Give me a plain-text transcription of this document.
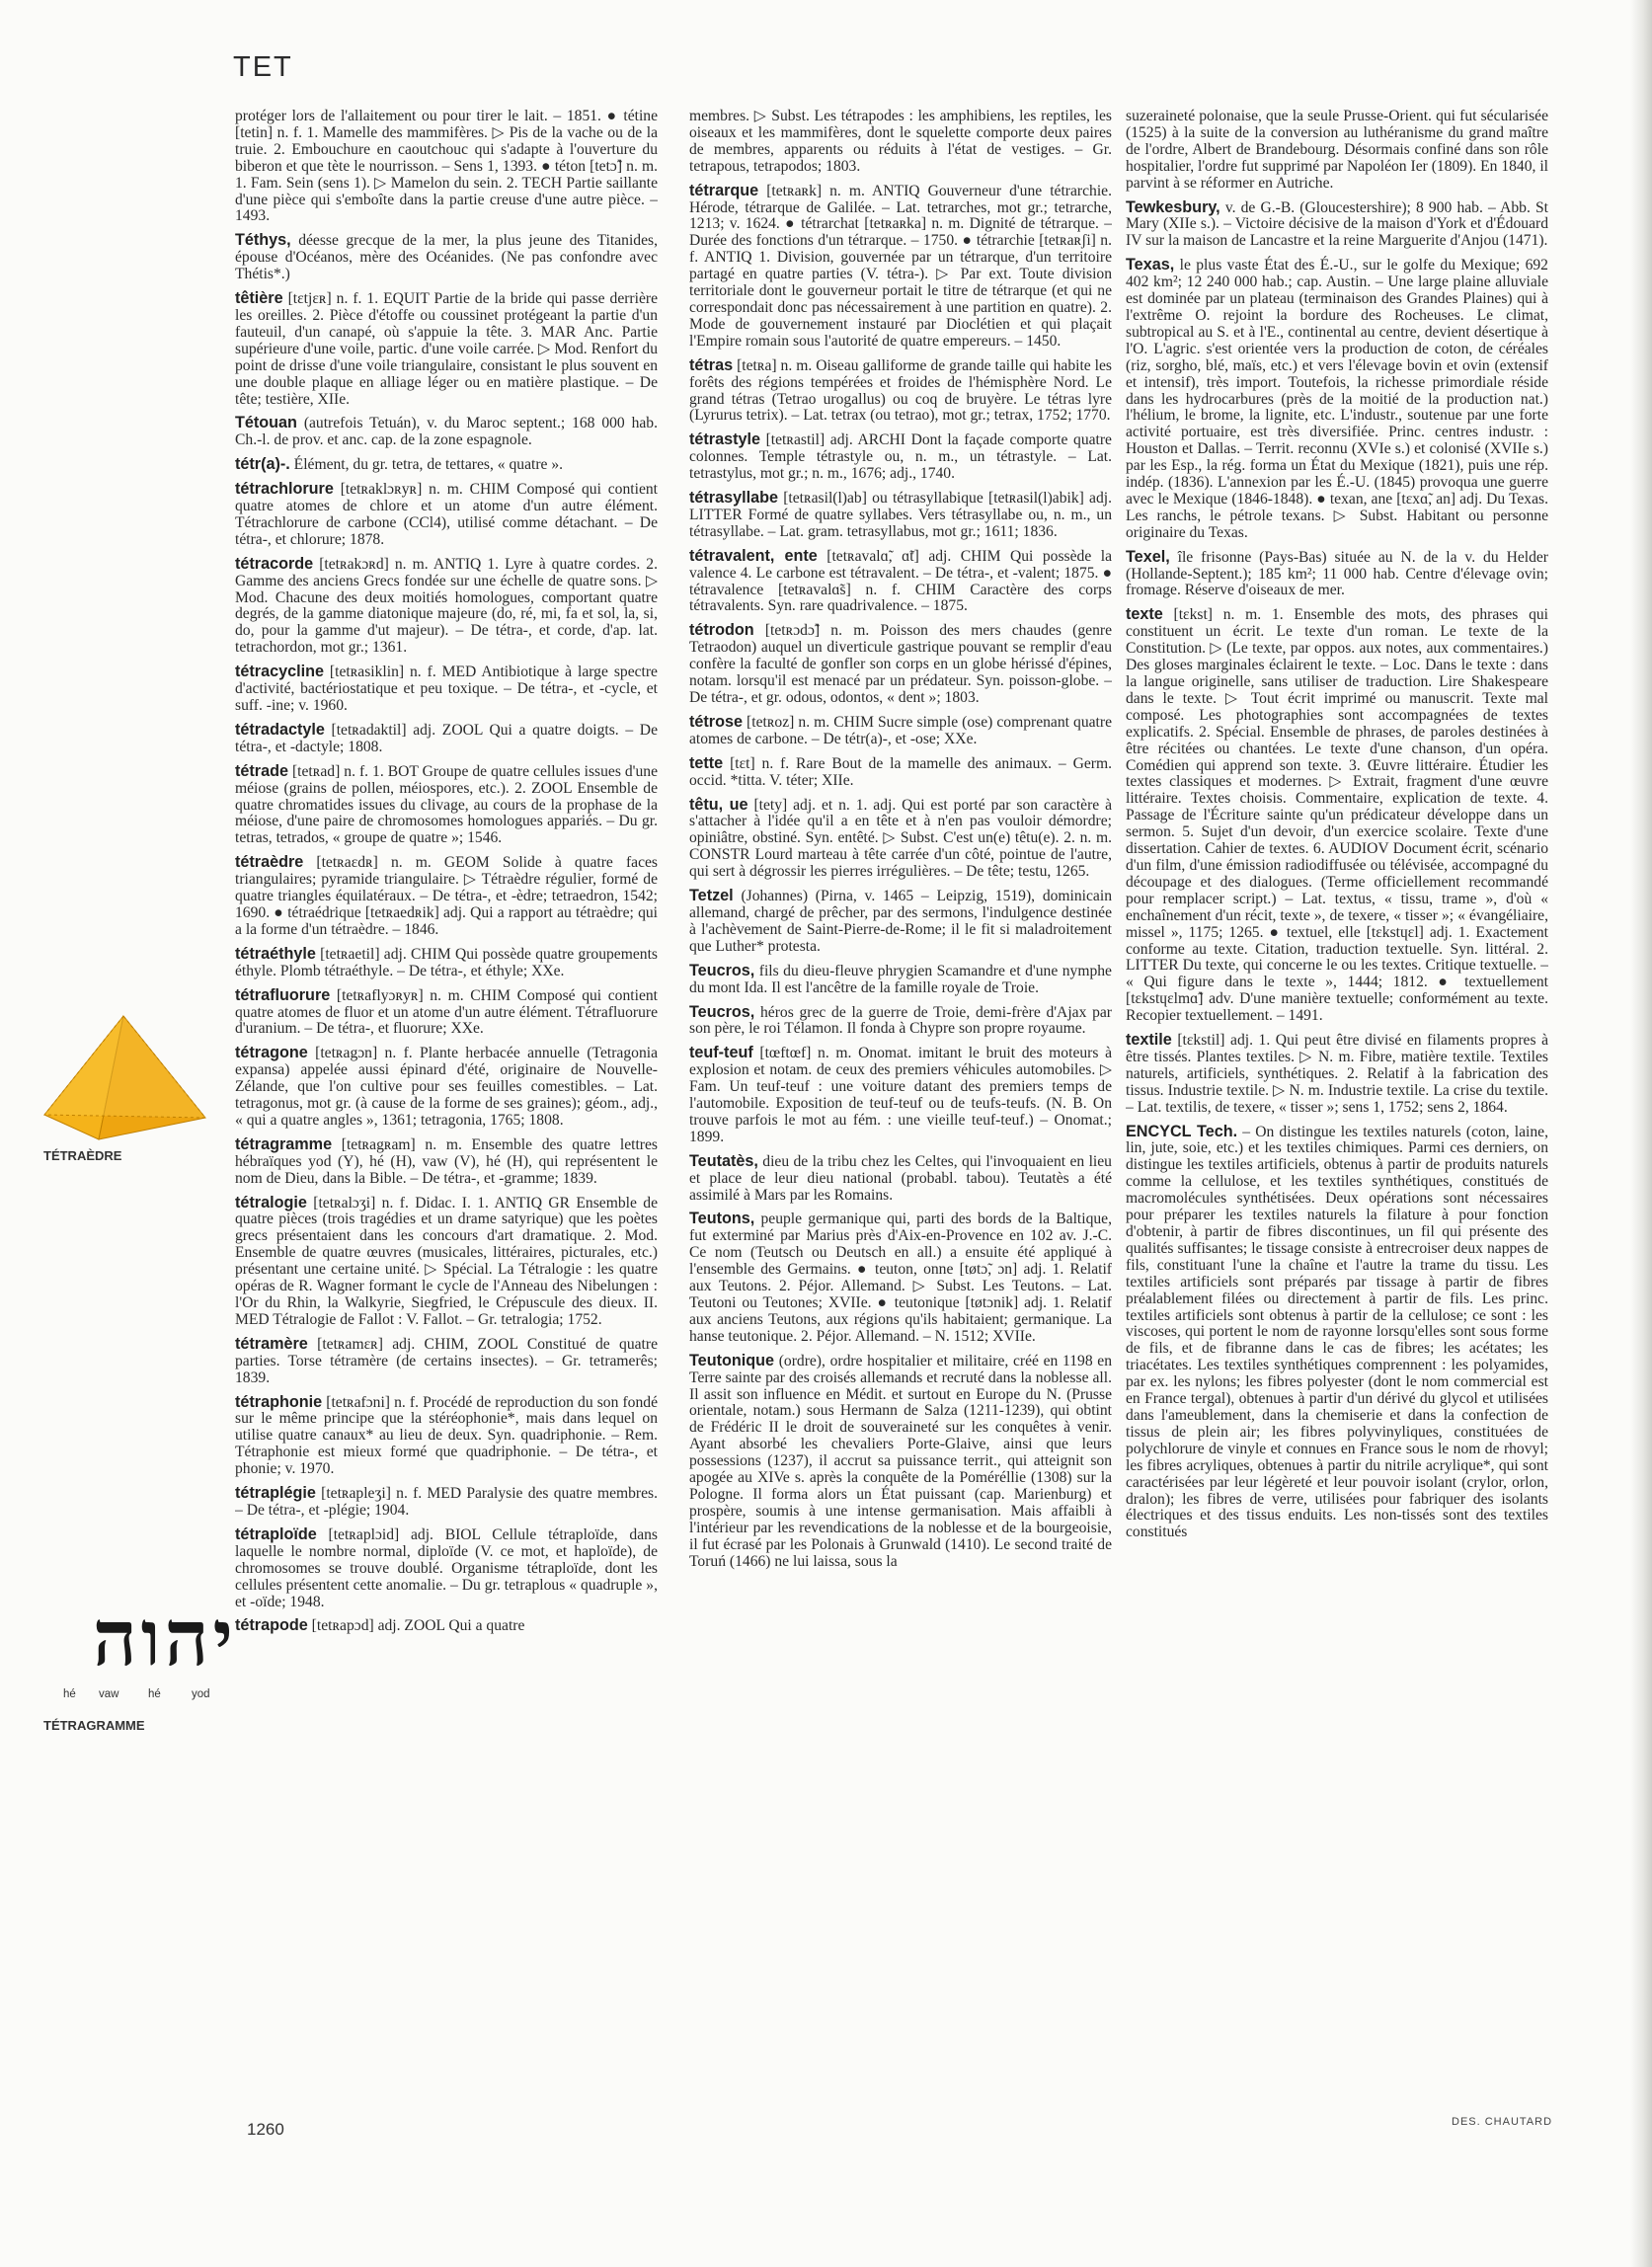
TET

protéger lors de l'allaitement ou pour tirer le lait. – 1851. ● tétine [tetin] n. f. 1. Mamelle des mammifères. ▷ Pis de la vache ou de la truie. 2. Embouchure en caoutchouc qui s'adapte à l'ouverture du biberon et que tète le nourrisson. – Sens 1, 1393. ● téton [tetɔ̃] n. m. 1. Fam. Sein (sens 1). ▷ Mamelon du sein. 2. TECH Partie saillante d'une pièce qui s'emboîte dans la partie creuse d'une autre pièce. – 1493.

Téthys, déesse grecque de la mer, la plus jeune des Titanides, épouse d'Océanos, mère des Océanides. (Ne pas confondre avec Thétis*.)

têtière [tɛtjɛʀ] n. f. 1. EQUIT Partie de la bride qui passe derrière les oreilles. 2. Pièce d'étoffe ou coussinet protégeant la partie d'un fauteuil, d'un canapé, où s'appuie la tête. 3. MAR Anc. Partie supérieure d'une voile, partic. d'une voile carrée. ▷ Mod. Renfort du point de drisse d'une voile triangulaire, consistant le plus souvent en une double plaque en alliage léger ou en matière plastique. – De tête; testière, XIIe.

Tétouan (autrefois Tetuán), v. du Maroc septent.; 168 000 hab. Ch.-l. de prov. et anc. cap. de la zone espagnole.

tétr(a)-. Élément, du gr. tetra, de tettares, « quatre ».

tétrachlorure [tetʀaklɔʀyʀ] n. m. CHIM Composé qui contient quatre atomes de chlore et un atome d'un autre élément. Tétrachlorure de carbone (CCl4), utilisé comme détachant. – De tétra-, et chlorure; 1878.

tétracorde [tetʀakɔʀd] n. m. ANTIQ 1. Lyre à quatre cordes. 2. Gamme des anciens Grecs fondée sur une échelle de quatre sons. ▷ Mod. Chacune des deux moitiés homologues, comportant quatre degrés, de la gamme diatonique majeure (do, ré, mi, fa et sol, la, si, do, pour la gamme d'ut majeur). – De tétra-, et corde, d'ap. lat. tetrachordon, mot gr.; 1361.

tétracycline [tetʀasiklin] n. f. MED Antibiotique à large spectre d'activité, bactériostatique et peu toxique. – De tétra-, et -cycle, et suff. -ine; v. 1960.

tétradactyle [tetʀadaktil] adj. ZOOL Qui a quatre doigts. – De tétra-, et -dactyle; 1808.

tétrade [tetʀad] n. f. 1. BOT Groupe de quatre cellules issues d'une méiose (grains de pollen, méiospores, etc.). 2. ZOOL Ensemble de quatre chromatides issues du clivage, au cours de la prophase de la méiose, d'une paire de chromosomes homologues appariés. – Du gr. tetras, tetrados, « groupe de quatre »; 1546.

tétraèdre [tetʀaɛdʀ] n. m. GEOM Solide à quatre faces triangulaires; pyramide triangulaire. ▷ Tétraèdre régulier, formé de quatre triangles équilatéraux. – De tétra-, et -èdre; tetraedron, 1542; 1690. ● tétraédrique [tetʀaedʀik] adj. Qui a rapport au tétraèdre; qui a la forme d'un tétraèdre. – 1846.

tétraéthyle [tetʀaetil] adj. CHIM Qui possède quatre groupements éthyle. Plomb tétraéthyle. – De tétra-, et éthyle; XXe.

tétrafluorure [tetʀaflyɔʀyʀ] n. m. CHIM Composé qui contient quatre atomes de fluor et un atome d'un autre élément. Tétrafluorure d'uranium. – De tétra-, et fluorure; XXe.

tétragone [tetʀagɔn] n. f. Plante herbacée annuelle (Tetragonia expansa) appelée aussi épinard d'été, originaire de Nouvelle-Zélande, que l'on cultive pour ses feuilles comestibles. – Lat. tetragonus, mot gr. (à cause de la forme de ses graines); géom., adj., « qui a quatre angles », 1361; tetragonia, 1765; 1808.

tétragramme [tetʀagʀam] n. m. Ensemble des quatre lettres hébraïques yod (Y), hé (H), vaw (V), hé (H), qui représentent le nom de Dieu, dans la Bible. – De tétra-, et -gramme; 1839.

tétralogie [tetʀalɔʒi] n. f. Didac. I. 1. ANTIQ GR Ensemble de quatre pièces (trois tragédies et un drame satyrique) que les poètes grecs présentaient dans les concours d'art dramatique. 2. Mod. Ensemble de quatre œuvres (musicales, littéraires, picturales, etc.) présentant une certaine unité. ▷ Spécial. La Tétralogie : les quatre opéras de R. Wagner formant le cycle de l'Anneau des Nibelungen : l'Or du Rhin, la Walkyrie, Siegfried, le Crépuscule des dieux. II. MED Tétralogie de Fallot : V. Fallot. – Gr. tetralogia; 1752.

tétramère [tetʀamɛʀ] adj. CHIM, ZOOL Constitué de quatre parties. Torse tétramère (de certains insectes). – Gr. tetramerês; 1839.

tétraphonie [tetʀafɔni] n. f. Procédé de reproduction du son fondé sur le même principe que la stéréophonie*, mais dans lequel on utilise quatre canaux* au lieu de deux. Syn. quadriphonie. – Rem. Tétraphonie est mieux formé que quadriphonie. – De tétra-, et phonie; v. 1970.

tétraplégie [tetʀapleʒi] n. f. MED Paralysie des quatre membres. – De tétra-, et -plégie; 1904.

tétraploïde [tetʀaplɔid] adj. BIOL Cellule tétraploïde, dans laquelle le nombre normal, diploïde (V. ce mot, et haploïde), de chromosomes se trouve doublé. Organisme tétraploïde, dont les cellules présentent cette anomalie. – Du gr. tetraplous « quadruple », et -oïde; 1948.

tétrapode [tetʀapɔd] adj. ZOOL Qui a quatre

membres. ▷ Subst. Les tétrapodes : les amphibiens, les reptiles, les oiseaux et les mammifères, dont le squelette comporte deux paires de membres, apparents ou réduits à l'état de vestiges. – Gr. tetrapous, tetrapodos; 1803.

tétrarque [tetʀaʀk] n. m. ANTIQ Gouverneur d'une tétrarchie. Hérode, tétrarque de Galilée. – Lat. tetrarches, mot gr.; tetrarche, 1213; v. 1624. ● tétrarchat [tetʀaʀka] n. m. Dignité de tétrarque. – Durée des fonctions d'un tétrarque. – 1750. ● tétrarchie [tetʀaʀʃi] n. f. ANTIQ 1. Division, gouvernée par un tétrarque, d'un territoire partagé en quatre parties (V. tétra-). ▷ Par ext. Toute division territoriale dont le gouverneur portait le titre de tétrarque (et qui ne correspondait donc pas nécessairement à une partition en quatre). 2. Mode de gouvernement instauré par Dioclétien et qui plaçait l'Empire romain sous l'autorité de quatre empereurs. – 1450.

tétras [tetʀa] n. m. Oiseau galliforme de grande taille qui habite les forêts des régions tempérées et froides de l'hémisphère Nord. Le grand tétras (Tetrao urogallus) ou coq de bruyère. Le tétras lyre (Lyrurus tetrix). – Lat. tetrax (ou tetrao), mot gr.; tetrax, 1752; 1770.

tétrastyle [tetʀastil] adj. ARCHI Dont la façade comporte quatre colonnes. Temple tétrastyle ou, n. m., un tétrastyle. – Lat. tetrastylus, mot gr.; n. m., 1676; adj., 1740.

tétrasyllabe [tetʀasil(l)ab] ou tétrasyllabique [tetʀasil(l)abik] adj. LITTER Formé de quatre syllabes. Vers tétrasyllabe ou, n. m., un tétrasyllabe. – Lat. gram. tetrasyllabus, mot gr.; 1611; 1836.

tétravalent, ente [tetʀavalɑ̃, ɑ̃t] adj. CHIM Qui possède la valence 4. Le carbone est tétravalent. – De tétra-, et -valent; 1875. ● tétravalence [tetʀavalɑ̃s] n. f. CHIM Caractère des corps tétravalents. Syn. rare quadrivalence. – 1875.

tétrodon [tetʀɔdɔ̃] n. m. Poisson des mers chaudes (genre Tetraodon) auquel un diverticule gastrique pouvant se remplir d'eau confère la faculté de gonfler son corps en un globe hérissé d'épines, notam. lorsqu'il est menacé par un prédateur. Syn. poisson-globe. – De tétra-, et gr. odous, odontos, « dent »; 1803.

tétrose [tetʀoz] n. m. CHIM Sucre simple (ose) comprenant quatre atomes de carbone. – De tétr(a)-, et -ose; XXe.

tette [tɛt] n. f. Rare Bout de la mamelle des animaux. – Germ. occid. *titta. V. téter; XIIe.

têtu, ue [tety] adj. et n. 1. adj. Qui est porté par son caractère à s'attacher à l'idée qu'il a en tête et à n'en pas vouloir démordre; opiniâtre, obstiné. Syn. entêté. ▷ Subst. C'est un(e) têtu(e). 2. n. m. CONSTR Lourd marteau à tête carrée d'un côté, pointue de l'autre, qui sert à dégrossir les pierres irrégulières. – De tête; testu, 1265.

Tetzel (Johannes) (Pirna, v. 1465 – Leipzig, 1519), dominicain allemand, chargé de prêcher, par des sermons, l'indulgence destinée à l'achèvement de Saint-Pierre-de-Rome; il le fit si maladroitement que Luther* protesta.

Teucros, fils du dieu-fleuve phrygien Scamandre et d'une nymphe du mont Ida. Il est l'ancêtre de la famille royale de Troie.

Teucros, héros grec de la guerre de Troie, demi-frère d'Ajax par son père, le roi Télamon. Il fonda à Chypre son propre royaume.

teuf-teuf [tœftœf] n. m. Onomat. imitant le bruit des moteurs à explosion et notam. de ceux des premiers véhicules automobiles. ▷ Fam. Un teuf-teuf : une voiture datant des premiers temps de l'automobile. Exposition de teuf-teuf ou de teufs-teufs. (N. B. On trouve parfois le mot au fém. : une vieille teuf-teuf.) – Onomat.; 1899.

Teutatès, dieu de la tribu chez les Celtes, qui l'invoquaient en lieu et place de leur dieu national (probabl. tabou). Teutatès a été assimilé à Mars par les Romains.

Teutons, peuple germanique qui, parti des bords de la Baltique, fut exterminé par Marius près d'Aix-en-Provence en 102 av. J.-C. Ce nom (Teutsch ou Deutsch en all.) a ensuite été appliqué à l'ensemble des Germains. ● teuton, onne [tøtɔ̃, ɔn] adj. 1. Relatif aux Teutons. 2. Péjor. Allemand. ▷ Subst. Les Teutons. – Lat. Teutoni ou Teutones; XVIIe. ● teutonique [tøtɔnik] adj. 1. Relatif aux anciens Teutons, aux régions qu'ils habitaient; germanique. La hanse teutonique. 2. Péjor. Allemand. – N. 1512; XVIIe.

Teutonique (ordre), ordre hospitalier et militaire, créé en 1198 en Terre sainte par des croisés allemands et recruté dans la noblesse all. Il assit son influence en Médit. et surtout en Europe du N. (Prusse orientale, notam.) sous Hermann de Salza (1211-1239), qui obtint de Frédéric II le droit de souveraineté sur les conquêtes à venir. Ayant absorbé les chevaliers Porte-Glaive, ainsi que leurs possessions (1237), il accrut sa puissance territ., qui atteignit son apogée au XIVe s. après la conquête de la Poméréllie (1308) sur la Pologne. Il forma alors un État puissant (cap. Marienburg) et prospère, soumis à une intense germanisation. Mais affaibli à l'intérieur par les revendications de la noblesse et de la bourgeoisie, il fut écrasé par les Polonais à Grunwald (1410). Le second traité de Toruń (1466) ne lui laissa, sous la

suzeraineté polonaise, que la seule Prusse-Orient. qui fut sécularisée (1525) à la suite de la conversion au luthéranisme du grand maître de l'ordre, Albert de Brandebourg. Désormais confiné dans son rôle hospitalier, l'ordre fut supprimé par Napoléon Ier (1809). En 1840, il parvint à se réformer en Autriche.

Tewkesbury, v. de G.-B. (Gloucestershire); 8 900 hab. – Abb. St Mary (XIIe s.). – Victoire décisive de la maison d'York et d'Édouard IV sur la maison de Lancastre et la reine Marguerite d'Anjou (1471).

Texas, le plus vaste État des É.-U., sur le golfe du Mexique; 692 402 km²; 12 240 000 hab.; cap. Austin. – Une large plaine alluviale est dominée par un plateau (terminaison des Grandes Plaines) qui à l'extrême O. rejoint la bordure des Rocheuses. Le climat, subtropical au S. et à l'E., continental au centre, devient désertique à l'O. L'agric. s'est orientée vers la production de coton, de céréales (riz, sorgho, blé, maïs, etc.) et vers l'élevage bovin et ovin (extensif et intensif), très import. Toutefois, la richesse primordiale réside dans les hydrocarbures (près de la moitié de la production nat.) l'hélium, le brome, la lignite, etc. L'industr., soutenue par une forte activité portuaire, est très diversifiée. Princ. centres industr. : Houston et Dallas. – Territ. reconnu (XVIe s.) et colonisé (XVIIe s.) par les Esp., la rég. forma un État du Mexique (1821), puis une rép. indép. (1836). L'annexion par les É.-U. (1845) provoqua une guerre avec le Mexique (1846-1848). ● texan, ane [tɛxɑ̃, an] adj. Du Texas. Les ranchs, le pétrole texans. ▷ Subst. Habitant ou personne originaire du Texas.

Texel, île frisonne (Pays-Bas) située au N. de la v. du Helder (Hollande-Septent.); 185 km²; 11 000 hab. Centre d'élevage ovin; fromage. Réserve d'oiseaux de mer.

texte [tɛkst] n. m. 1. Ensemble des mots, des phrases qui constituent un écrit. Le texte d'un roman. Le texte de la Constitution. ▷ (Le texte, par oppos. aux notes, aux commentaires.) Des gloses marginales éclairent le texte. – Loc. Dans le texte : dans la langue originelle, sans utiliser de traduction. Lire Shakespeare dans le texte. ▷ Tout écrit imprimé ou manuscrit. Texte mal composé. Les photographies sont accompagnées de textes explicatifs. 2. Spécial. Ensemble de phrases, de paroles destinées à être récitées ou chantées. Le texte d'une chanson, d'un opéra. Comédien qui apprend son texte. 3. Œuvre littéraire. Étudier les textes classiques et modernes. ▷ Extrait, fragment d'une œuvre littéraire. Textes choisis. Commentaire, explication de texte. 4. Passage de l'Écriture sainte qu'un prédicateur développe dans un sermon. 5. Sujet d'un devoir, d'un exercice scolaire. Texte d'une dissertation. Cahier de textes. 6. AUDIOV Document écrit, scénario d'un film, d'une émission radiodiffusée ou télévisée, accompagné du découpage et des dialogues. (Terme officiellement recommandé pour remplacer script.) – Lat. textus, « tissu, trame », d'où « enchaînement d'un récit, texte », de texere, « tisser »; « évangéliaire, missel », 1175; 1265. ● textuel, elle [tɛkstɥɛl] adj. 1. Exactement conforme au texte. Citation, traduction textuelle. Syn. littéral. 2. LITTER Du texte, qui concerne le ou les textes. Critique textuelle. – « Qui figure dans le texte », 1444; 1812. ● textuellement [tɛkstɥɛlmɑ̃] adv. D'une manière textuelle; conformément au texte. Recopier textuellement. – 1491.

textile [tɛkstil] adj. 1. Qui peut être divisé en filaments propres à être tissés. Plantes textiles. ▷ N. m. Fibre, matière textile. Textiles naturels, artificiels, synthétiques. 2. Relatif à la fabrication des tissus. Industrie textile. ▷ N. m. Industrie textile. La crise du textile. – Lat. textilis, de texere, « tisser »; sens 1, 1752; sens 2, 1864.

ENCYCL Tech. – On distingue les textiles naturels (coton, laine, lin, jute, soie, etc.) et les textiles chimiques. Parmi ces derniers, on distingue les textiles artificiels, obtenus à partir de produits naturels comme la cellulose, et les textiles synthétiques, constitués de macromolécules synthétisées. Deux opérations sont nécessaires pour préparer les textiles naturels la filature à pour fonction d'obtenir, à partir de fibres discontinues, un fil qui présente des qualités suffisantes; le tissage consiste à entrecroiser deux nappes de fils, constituant l'une la chaîne et l'autre la trame du tissu. Les textiles artificiels sont préparés par tissage à partir de fibres préalablement filées ou directement à partir de fils. Les princ. textiles artificiels sont obtenus à partir de la cellulose; ce sont : les viscoses, qui portent le nom de rayonne lorsqu'elles sont sous forme de fils, et de fibranne dans le cas de fibres; les acétates; les triacétates. Les textiles synthétiques comprennent : les polyamides, par ex. les nylons; les fibres polyester (dont le nom commercial est en France tergal), obtenues à partir d'un dérivé du glycol et utilisées dans l'ameublement, dans la chemiserie et dans la confection de tissus de plein air; les fibres polyvinyliques, constituées de polychlorure de vinyle et connues en France sous le nom de rhovyl; les fibres acryliques, obtenues à partir du nitrile acrylique*, qui sont caractérisées par leur légèreté et leur pouvoir isolant (crylor, orlon, dralon); les fibres de verre, utilisées pour fabriquer des isolants électriques et des tissus enduits. Les non-tissés sont des textiles constitués

TÉTRAÈDRE
יהוה
hé vaw	hé	yod
TÉTRAGRAMME
1260	DES. CHAUTARD
